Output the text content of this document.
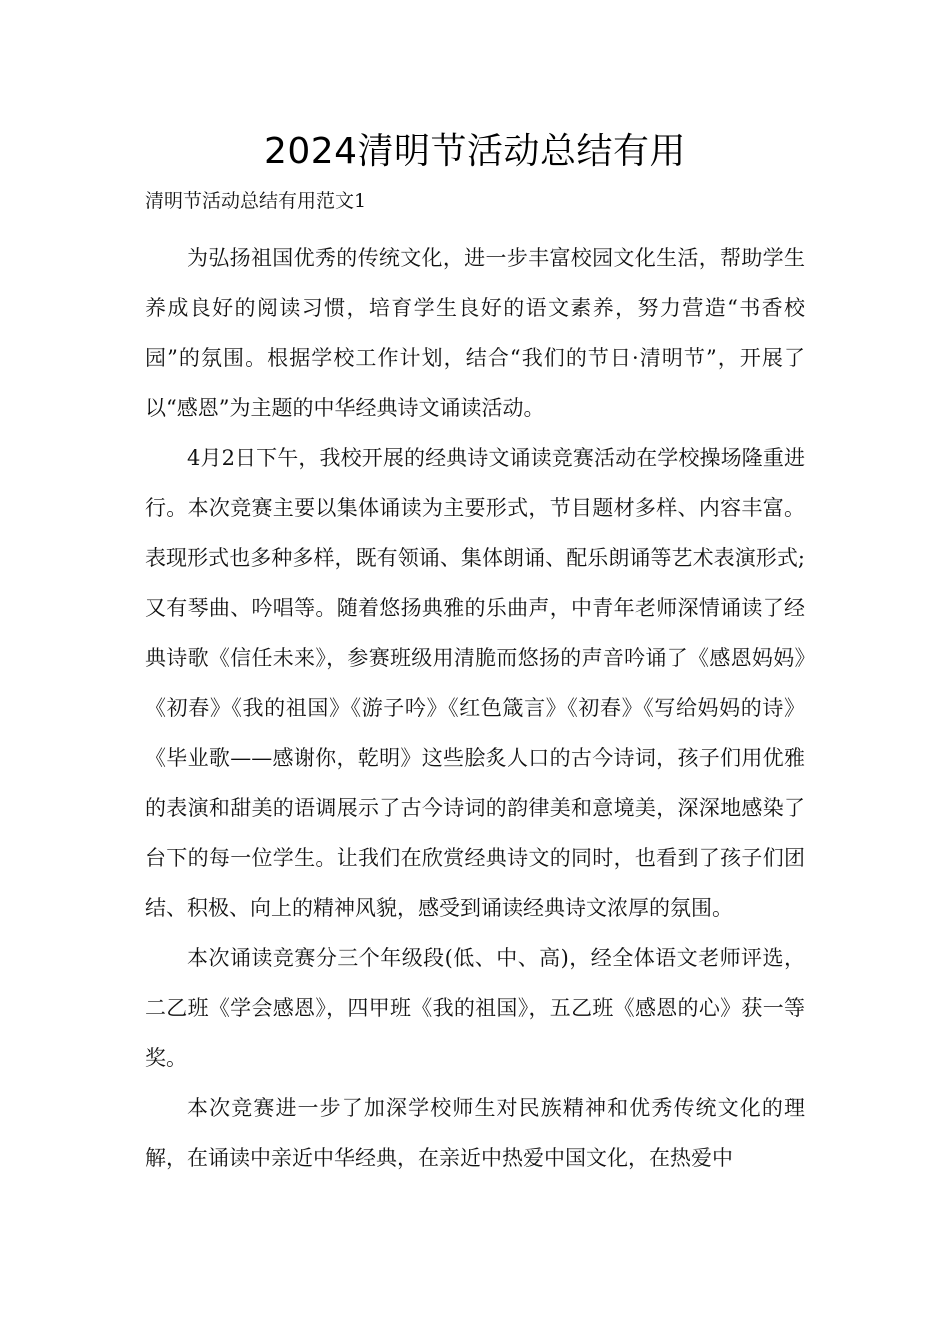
2024清明节活动总结有用
清明节活动总结有用范文1

为弘扬祖国优秀的传统文化，进一步丰富校园文化生活，帮助学生养成良好的阅读习惯，培育学生良好的语文素养，努力营造“书香校园”的氛围。根据学校工作计划，结合“我们的节日·清明节”，开展了以“感恩”为主题的中华经典诗文诵读活动。

4月2日下午，我校开展的经典诗文诵读竞赛活动在学校操场隆重进行。本次竞赛主要以集体诵读为主要形式，节目题材多样、内容丰富。表现形式也多种多样，既有领诵、集体朗诵、配乐朗诵等艺术表演形式;又有琴曲、吟唱等。随着悠扬典雅的乐曲声，中青年老师深情诵读了经典诗歌《信任未来》，参赛班级用清脆而悠扬的声音吟诵了《感恩妈妈》《初春》《我的祖国》《游子吟》《红色箴言》《初春》《写给妈妈的诗》《毕业歌——感谢你，乾明》这些脍炙人口的古今诗词，孩子们用优雅的表演和甜美的语调展示了古今诗词的韵律美和意境美，深深地感染了台下的每一位学生。让我们在欣赏经典诗文的同时，也看到了孩子们团结、积极、向上的精神风貌，感受到诵读经典诗文浓厚的氛围。

本次诵读竞赛分三个年级段(低、中、高)，经全体语文老师评选，二乙班《学会感恩》，四甲班《我的祖国》，五乙班《感恩的心》获一等奖。

本次竞赛进一步了加深学校师生对民族精神和优秀传统文化的理解，在诵读中亲近中华经典，在亲近中热爱中国文化，在热爱中
